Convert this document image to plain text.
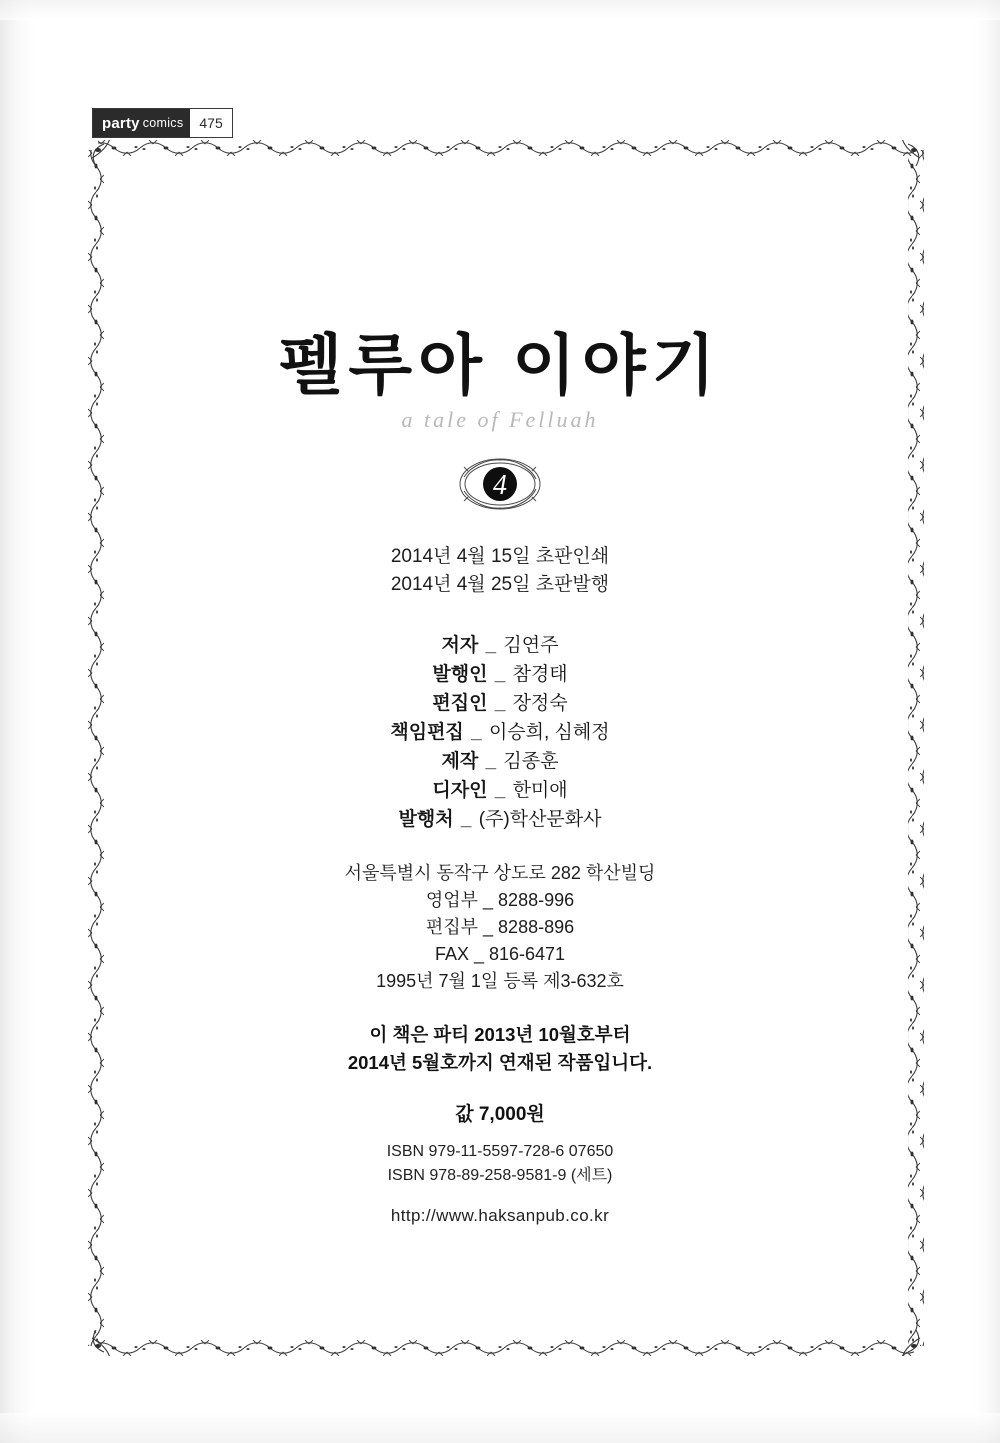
party comics	475
펠루아 이야기
a tale of Felluah
4
2014년 4월 15일 초판인쇄
2014년 4월 25일 초판발행
저자 _ 김연주
발행인 _ 참경태
편집인 _ 장정숙
책임편집 _ 이승희, 심혜정
제작 _ 김종훈
디자인 _ 한미애
발행처 _ (주)학산문화사
서울특별시 동작구 상도로 282 학산빌딩
영업부 _ 8288-996
편집부 _ 8288-896
FAX _ 816-6471
1995년 7월 1일 등록 제3-632호
이 책은 파티 2013년 10월호부터
2014년 5월호까지 연재된 작품입니다.
값 7,000원
ISBN 979-11-5597-728-6 07650
ISBN 978-89-258-9581-9 (세트)
http://www.haksanpub.co.kr
